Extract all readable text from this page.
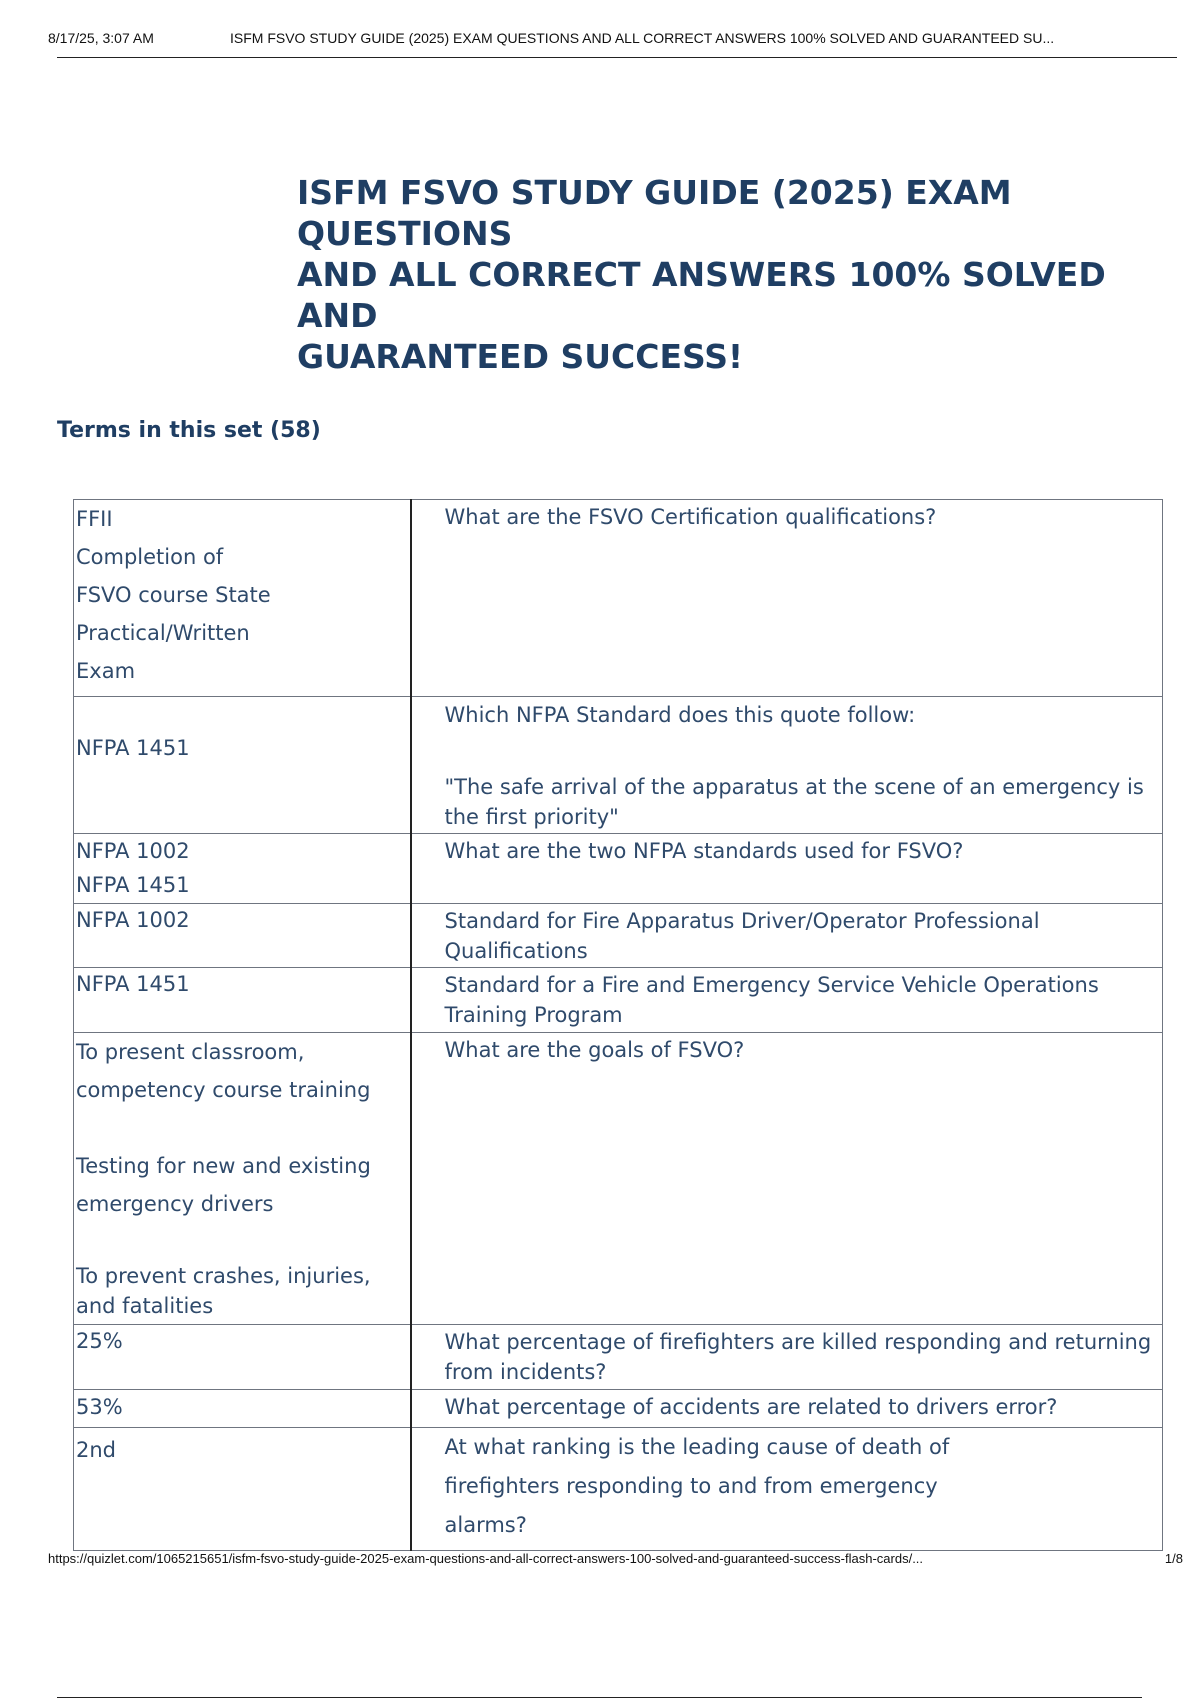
8/17/25, 3:07 AM	ISFM FSVO STUDY GUIDE (2025) EXAM QUESTIONS AND ALL CORRECT ANSWERS 100% SOLVED AND GUARANTEED SU...
ISFM FSVO STUDY GUIDE (2025) EXAM QUESTIONS
AND ALL CORRECT ANSWERS 100% SOLVED AND
GUARANTEED SUCCESS!
Terms in this set (58)
FFII
Completion of
FSVO course State
Practical/Written
Exam	What are the FSVO Certification qualifications?

NFPA 1451	Which NFPA Standard does this quote follow:
"The safe arrival of the apparatus at the scene of an emergency is the first priority"

NFPA 1002
NFPA 1451	What are the two NFPA standards used for FSVO?

NFPA 1002	Standard for Fire Apparatus Driver/Operator Professional Qualifications

NFPA 1451	Standard for a Fire and Emergency Service Vehicle Operations Training Program

To present classroom,
competency course training
Testing for new and existing
emergency drivers
To prevent crashes, injuries, and fatalities	What are the goals of FSVO?

25%	What percentage of firefighters are killed responding and returning from incidents?

53%	What percentage of accidents are related to drivers error?

2nd	At what ranking is the leading cause of death of
firefighters responding to and from emergency
alarms?
https://quizlet.com/1065215651/isfm-fsvo-study-guide-2025-exam-questions-and-all-correct-answers-100-solved-and-guaranteed-success-flash-cards/...	1/8
